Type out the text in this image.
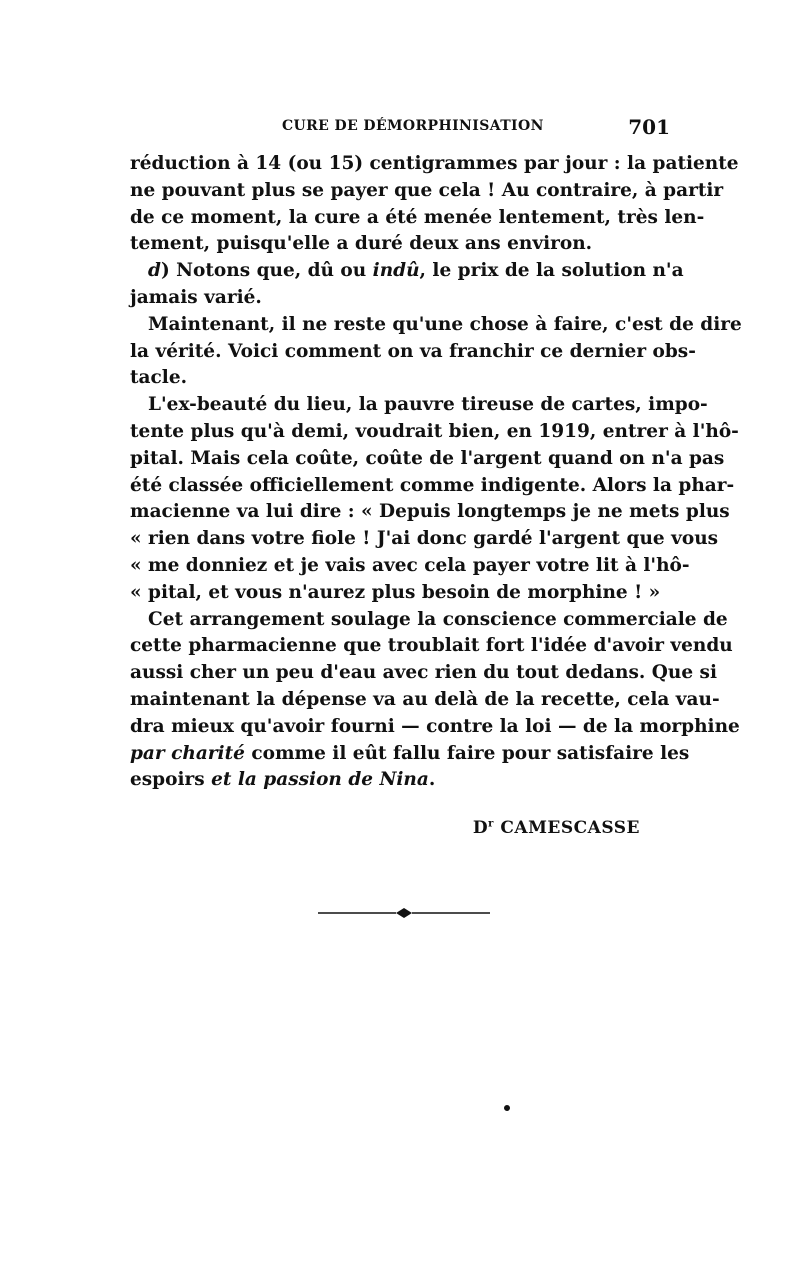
CURE DE DÉMORPHINISATION	701
réduction à 14 (ou 15) centigrammes par jour : la patiente
ne pouvant plus se payer que cela ! Au contraire, à partir
de ce moment, la cure a été menée lentement, très len-
tement, puisqu'elle a duré deux ans environ.
d) Notons que, dû ou indû, le prix de la solution n'a
jamais varié.
Maintenant, il ne reste qu'une chose à faire, c'est de dire
la vérité. Voici comment on va franchir ce dernier obs-
tacle.
L'ex-beauté du lieu, la pauvre tireuse de cartes, impo-
tente plus qu'à demi, voudrait bien, en 1919, entrer à l'hô-
pital. Mais cela coûte, coûte de l'argent quand on n'a pas
été classée officiellement comme indigente. Alors la phar-
macienne va lui dire : « Depuis longtemps je ne mets plus
« rien dans votre fiole ! J'ai donc gardé l'argent que vous
« me donniez et je vais avec cela payer votre lit à l'hô-
« pital, et vous n'aurez plus besoin de morphine ! »
Cet arrangement soulage la conscience commerciale de
cette pharmacienne que troublait fort l'idée d'avoir vendu
aussi cher un peu d'eau avec rien du tout dedans. Que si
maintenant la dépense va au delà de la recette, cela vau-
dra mieux qu'avoir fourni — contre la loi — de la morphine
par charité comme il eût fallu faire pour satisfaire les
espoirs et la passion de Nina.
$D^r$ CAMESCASSE
